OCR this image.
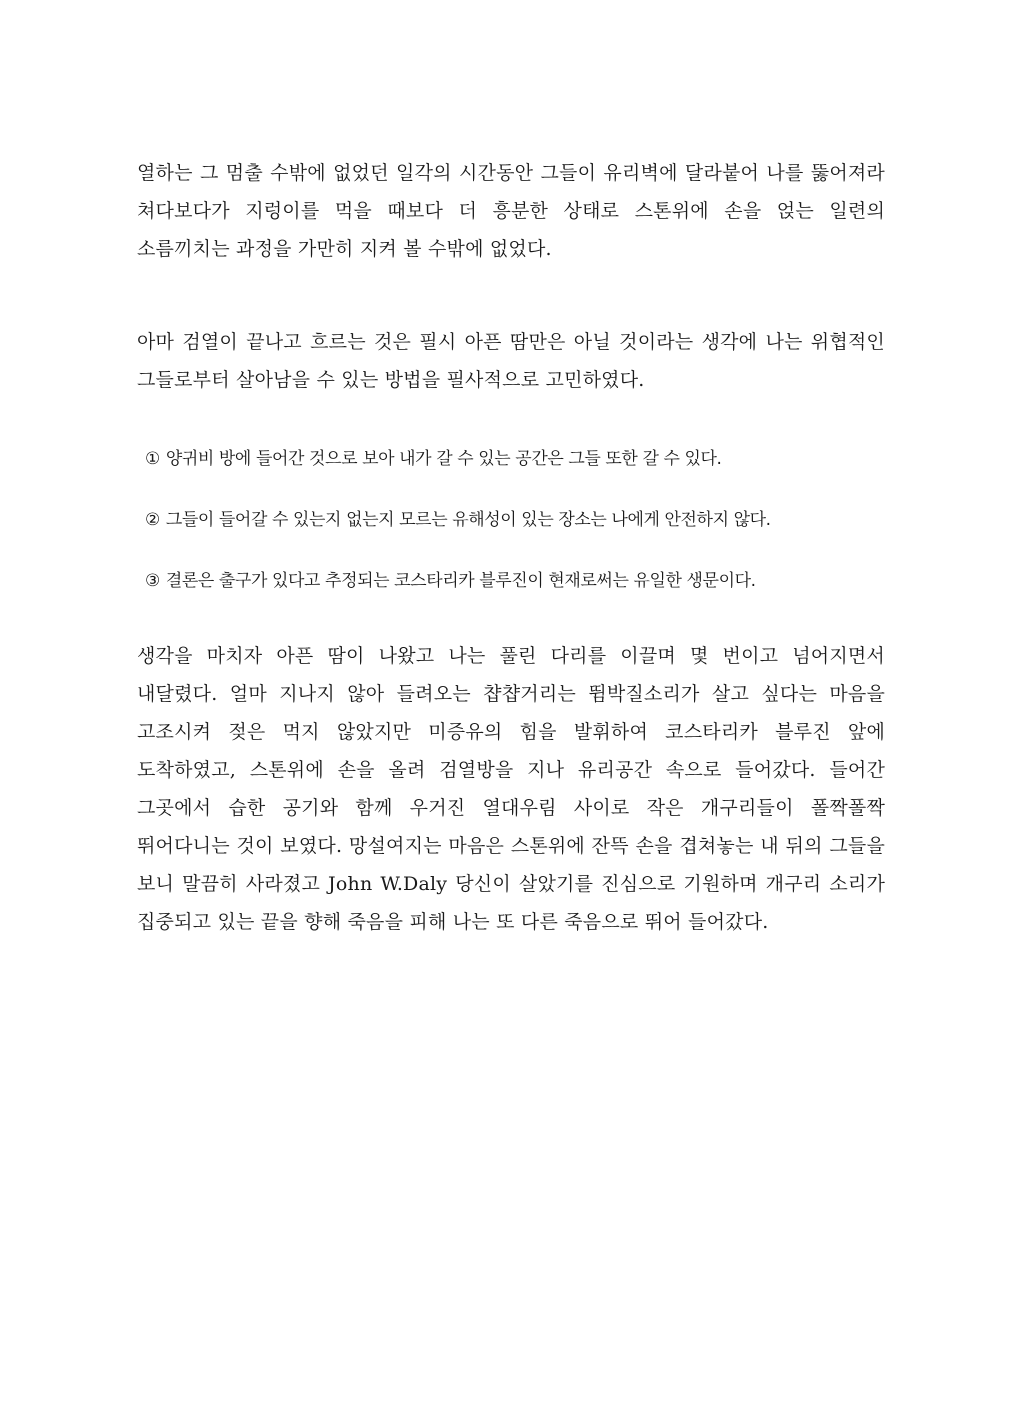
열하는 그 멈출 수밖에 없었던 일각의 시간동안 그들이 유리벽에 달라붙어 나를 뚫어져라 쳐다보다가 지렁이를 먹을 때보다 더 흥분한 상태로 스톤위에 손을 얹는 일련의 소름끼치는 과정을 가만히 지켜 볼 수밖에 없었다.

아마 검열이 끝나고 흐르는 것은 필시 아픈 땀만은 아닐 것이라는 생각에 나는 위협적인 그들로부터 살아남을 수 있는 방법을 필사적으로 고민하였다.

① 양귀비 방에 들어간 것으로 보아 내가 갈 수 있는 공간은 그들 또한 갈 수 있다.
② 그들이 들어갈 수 있는지 없는지 모르는 유해성이 있는 장소는 나에게 안전하지 않다.
③ 결론은 출구가 있다고 추정되는 코스타리카 블루진이 현재로써는 유일한 생문이다.

생각을 마치자 아픈 땀이 나왔고 나는 풀린 다리를 이끌며 몇 번이고 넘어지면서 내달렸다. 얼마 지나지 않아 들려오는 챱챱거리는 뜀박질소리가 살고 싶다는 마음을 고조시켜 젖은 먹지 않았지만 미증유의 힘을 발휘하여 코스타리카 블루진 앞에 도착하였고, 스톤위에 손을 올려 검열방을 지나 유리공간 속으로 들어갔다. 들어간 그곳에서 습한 공기와 함께 우거진 열대우림 사이로 작은 개구리들이 폴짝폴짝 뛰어다니는 것이 보였다. 망설여지는 마음은 스톤위에 잔뜩 손을 겹쳐놓는 내 뒤의 그들을 보니 말끔히 사라졌고 John W.Daly 당신이 살았기를 진심으로 기원하며 개구리 소리가 집중되고 있는 끝을 향해 죽음을 피해 나는 또 다른 죽음으로 뛰어 들어갔다.
